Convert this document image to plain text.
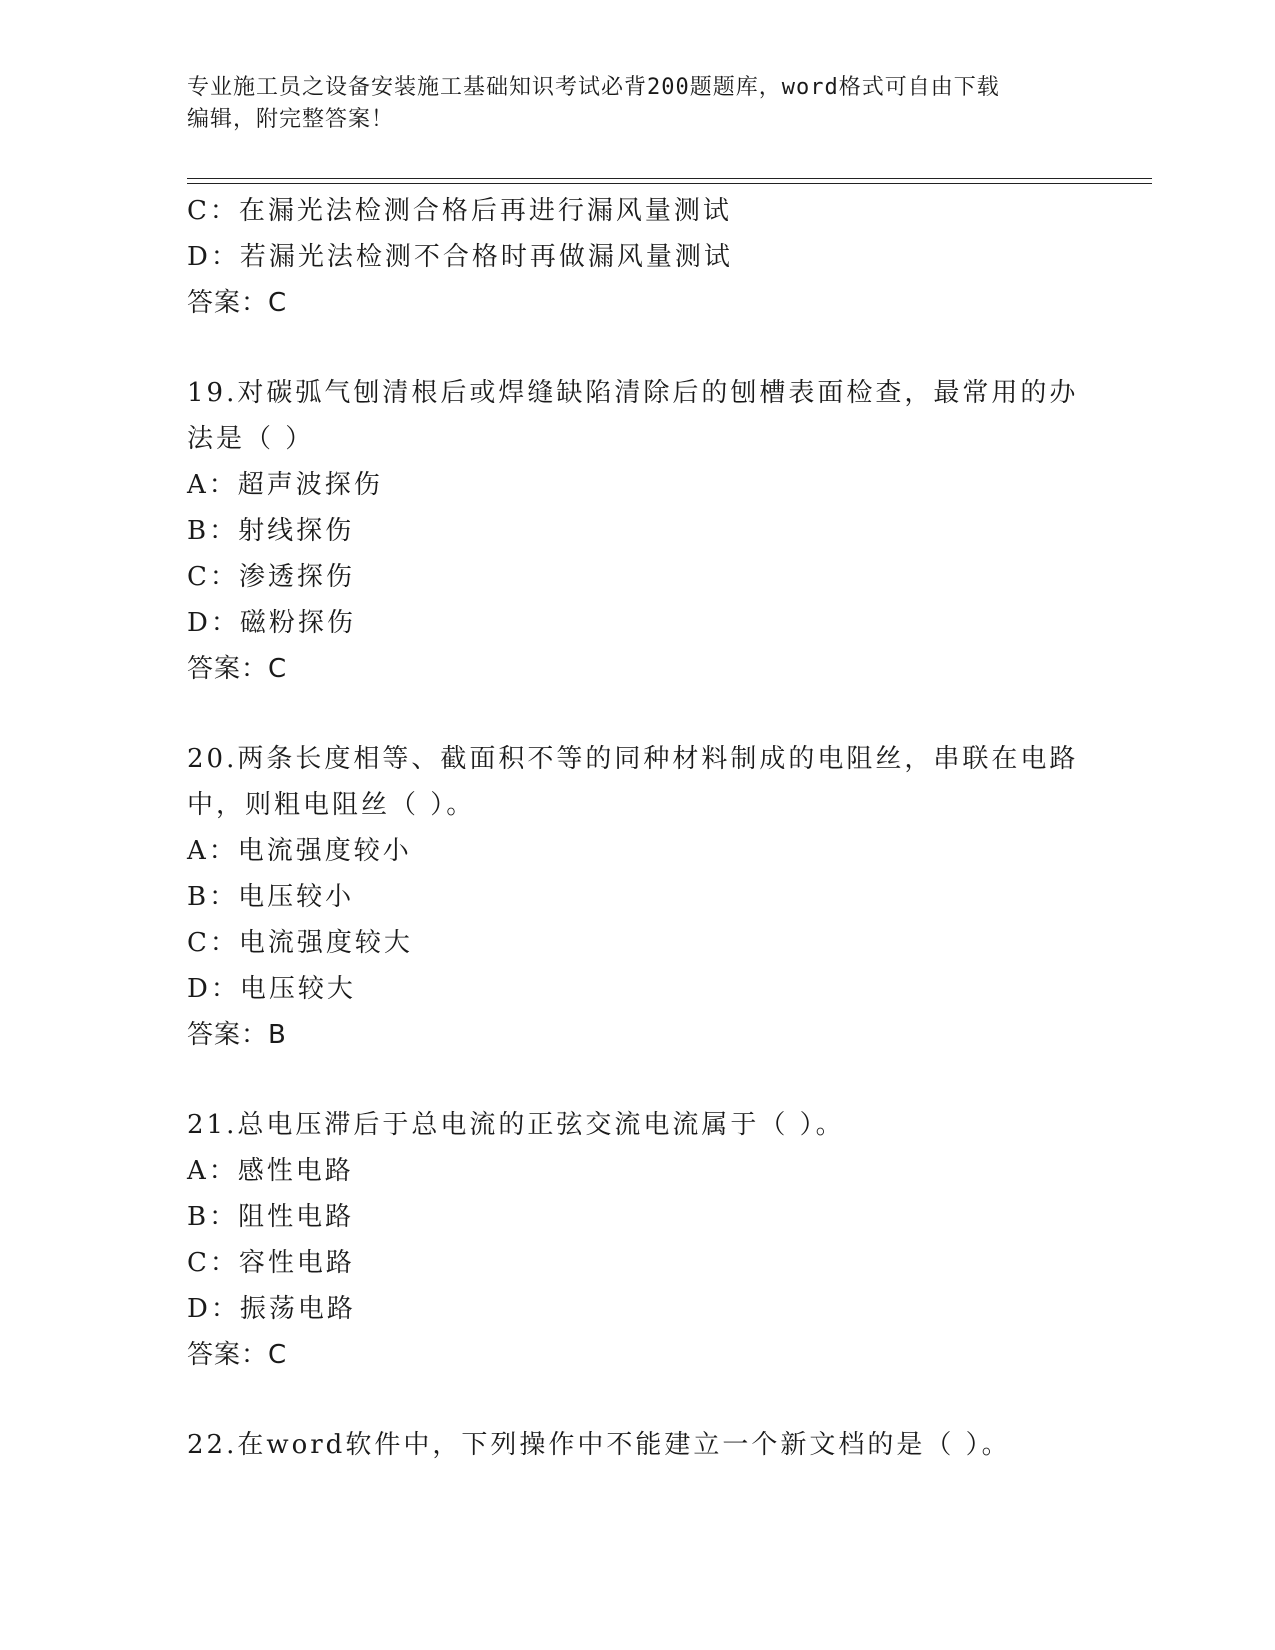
专业施工员之设备安装施工基础知识考试必背200题题库，word格式可自由下载
编辑，附完整答案！
C：在漏光法检测合格后再进行漏风量测试
D：若漏光法检测不合格时再做漏风量测试
答案：C
19.对碳弧气刨清根后或焊缝缺陷清除后的刨槽表面检查，最常用的办
法是（ ）
A：超声波探伤
B：射线探伤
C：渗透探伤
D：磁粉探伤
答案：C
20.两条长度相等、截面积不等的同种材料制成的电阻丝，串联在电路
中，则粗电阻丝（ ）。
A：电流强度较小
B：电压较小
C：电流强度较大
D：电压较大
答案：B
21.总电压滞后于总电流的正弦交流电流属于（ ）。
A：感性电路
B：阻性电路
C：容性电路
D：振荡电路
答案：C
22.在word软件中，下列操作中不能建立一个新文档的是（ ）。
